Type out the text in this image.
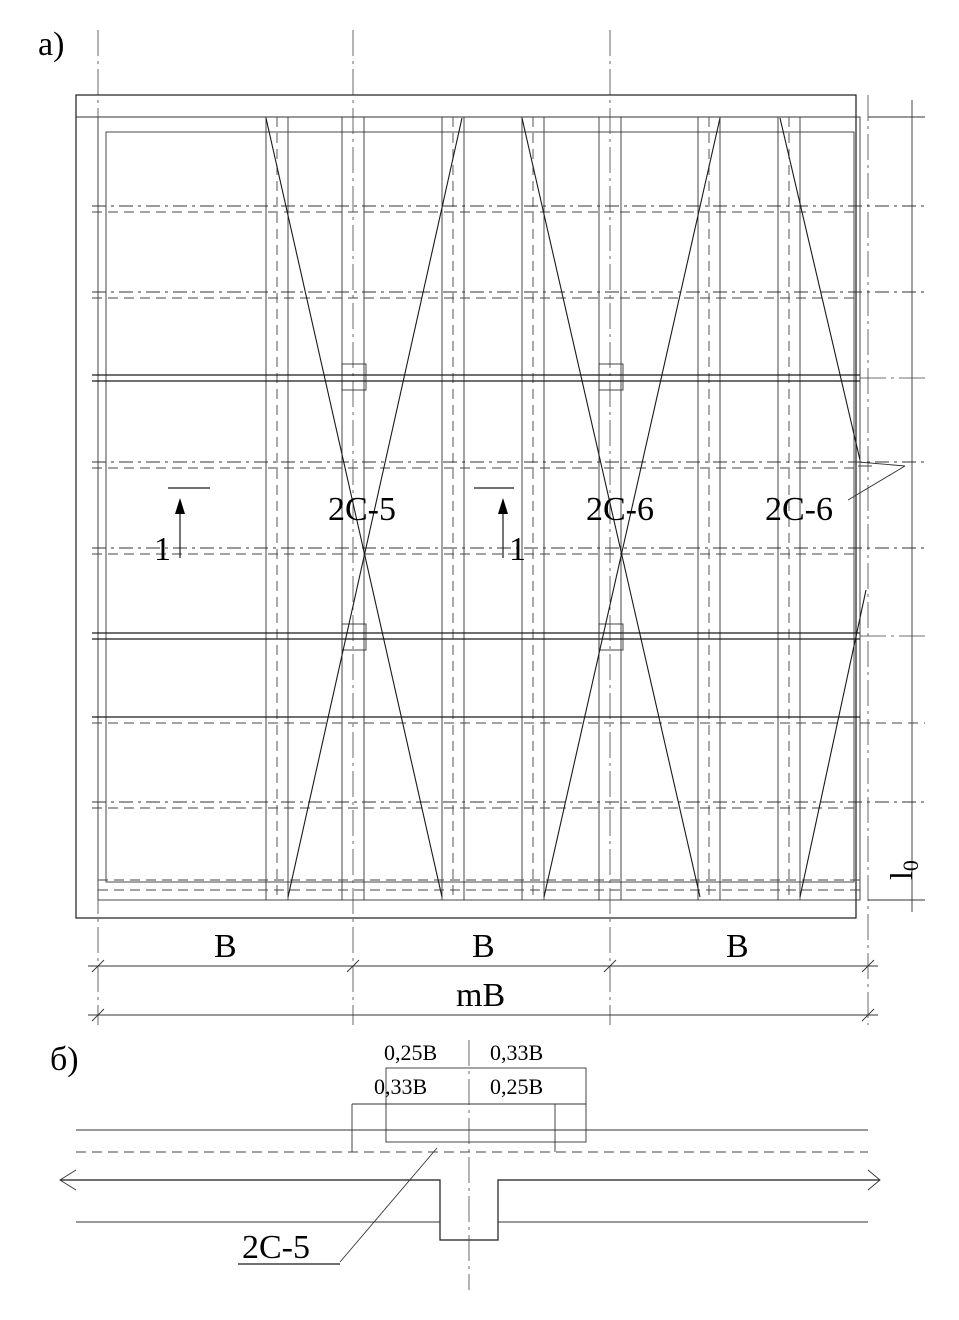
а)
2С-5	2С-6	2С-6
1	1
l0
В	В	В
mB
б)	0,25В 0,33В
0,33В	0,25В
2С-5
